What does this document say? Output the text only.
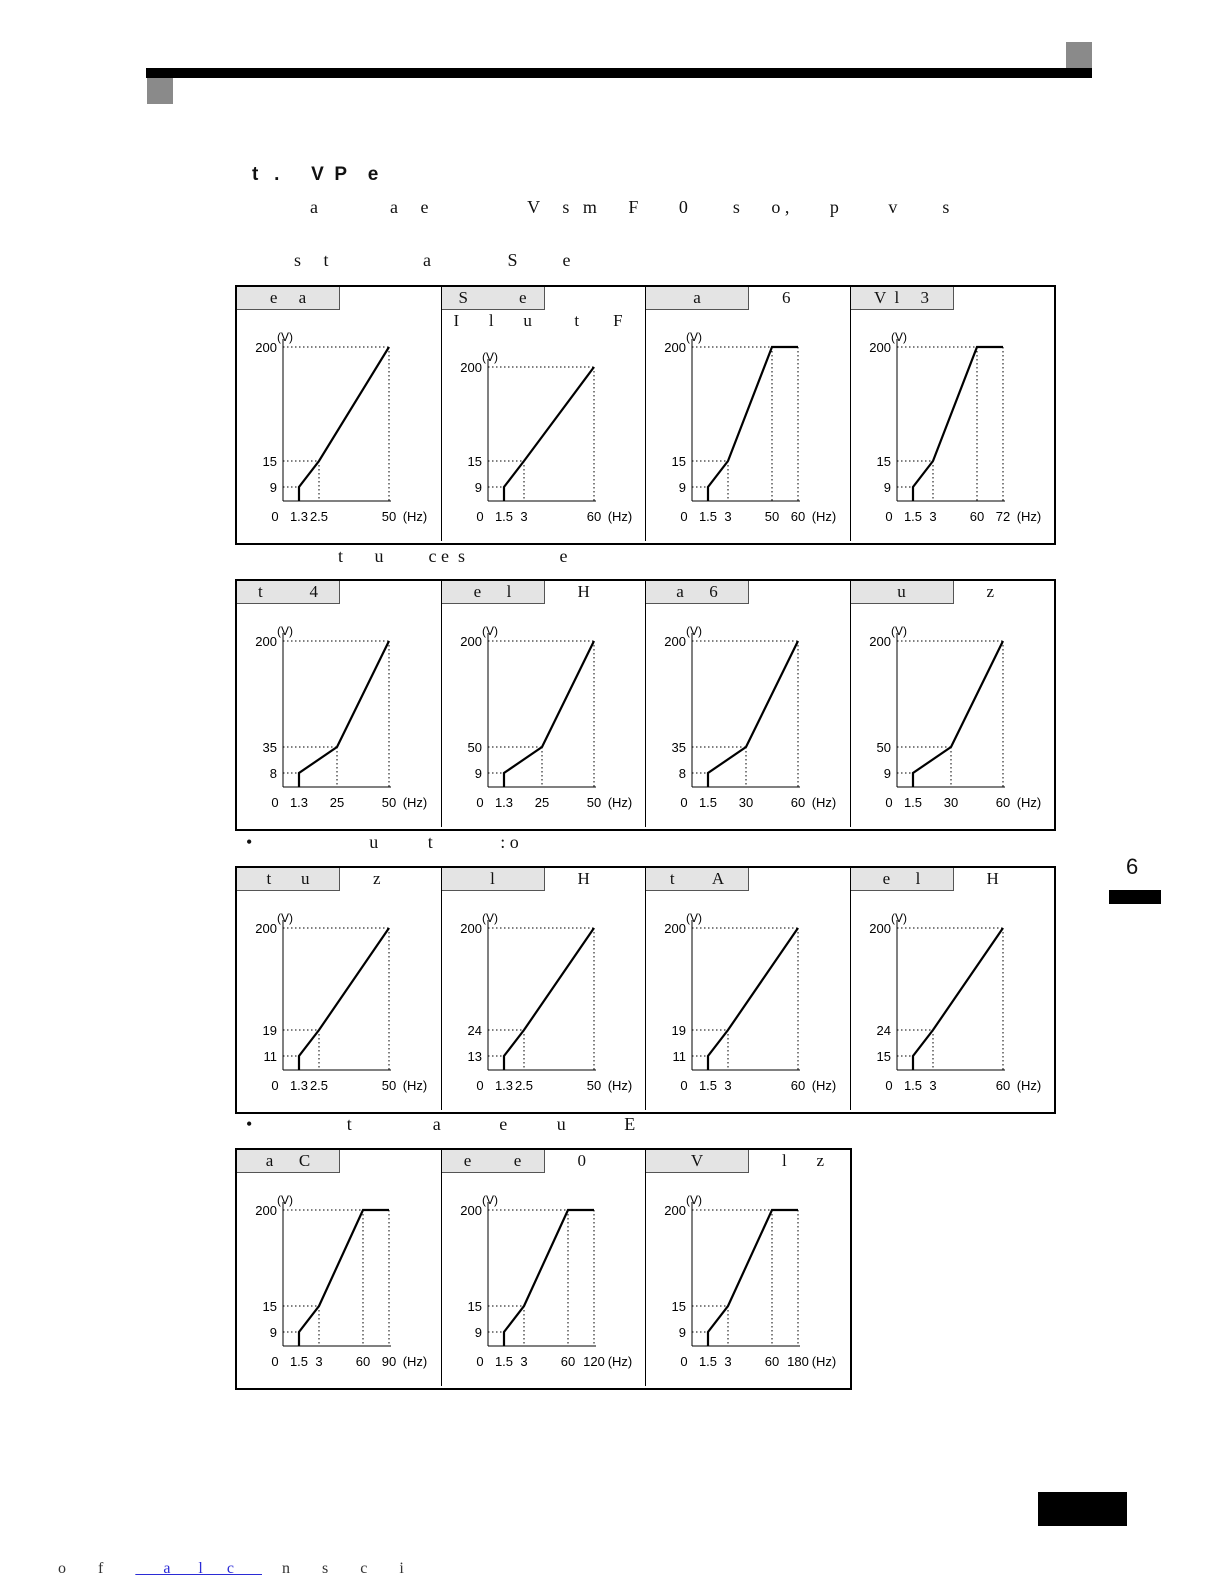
t   .      V  P    e
a                a     e                      V     s   m       F         0          s       o ,         p           v          s
s     t                     a                 S          e
t       u          c e  s                     e
•                          u           t               : o
•                     t                  a             e           u             E
6

o        f               a       l      c            n        s        c        i

(V)
200
15
9
0 1.3 2.5	50 (Hz)
e     a
(V)
200
15
9
0 1.5 3	60 (Hz)
S            e
I       l       u          t        F
(V)
200
15
9
0 1.5 3	50 60 (Hz)
a	6
(V)
200
15
9
0 1.5 3	60 72 (Hz)
V  l     3
(V)
200
35
8
0 1.3 25	50 (Hz)
t           4
(V)
200
50
9
0 1.3 25	50 (Hz)
e      l	H
(V)
200
35
8
0 1.5 30	60 (Hz)
a      6
(V)
200
50
9
0 1.5 30	60 (Hz)
u	z
(V)
200
19
11
0 1.3 2.5	50 (Hz)
t       u	z
(V)
200
24
13
0 1.3 2.5	50 (Hz)
l	H
(V)
200
19
11
0 1.5 3	60 (Hz)
t         A
(V)
200
24
15
0 1.5 3	60 (Hz)
e      l	H
(V)
200
15
9
0 1.5 3	60 90 (Hz)
a      C
(V)
200
15
9
0 1.5 3	60 120 (Hz)
e          e	0
(V)
200
15
9
0 1.5 3	60 180 (Hz)
V	l       z
